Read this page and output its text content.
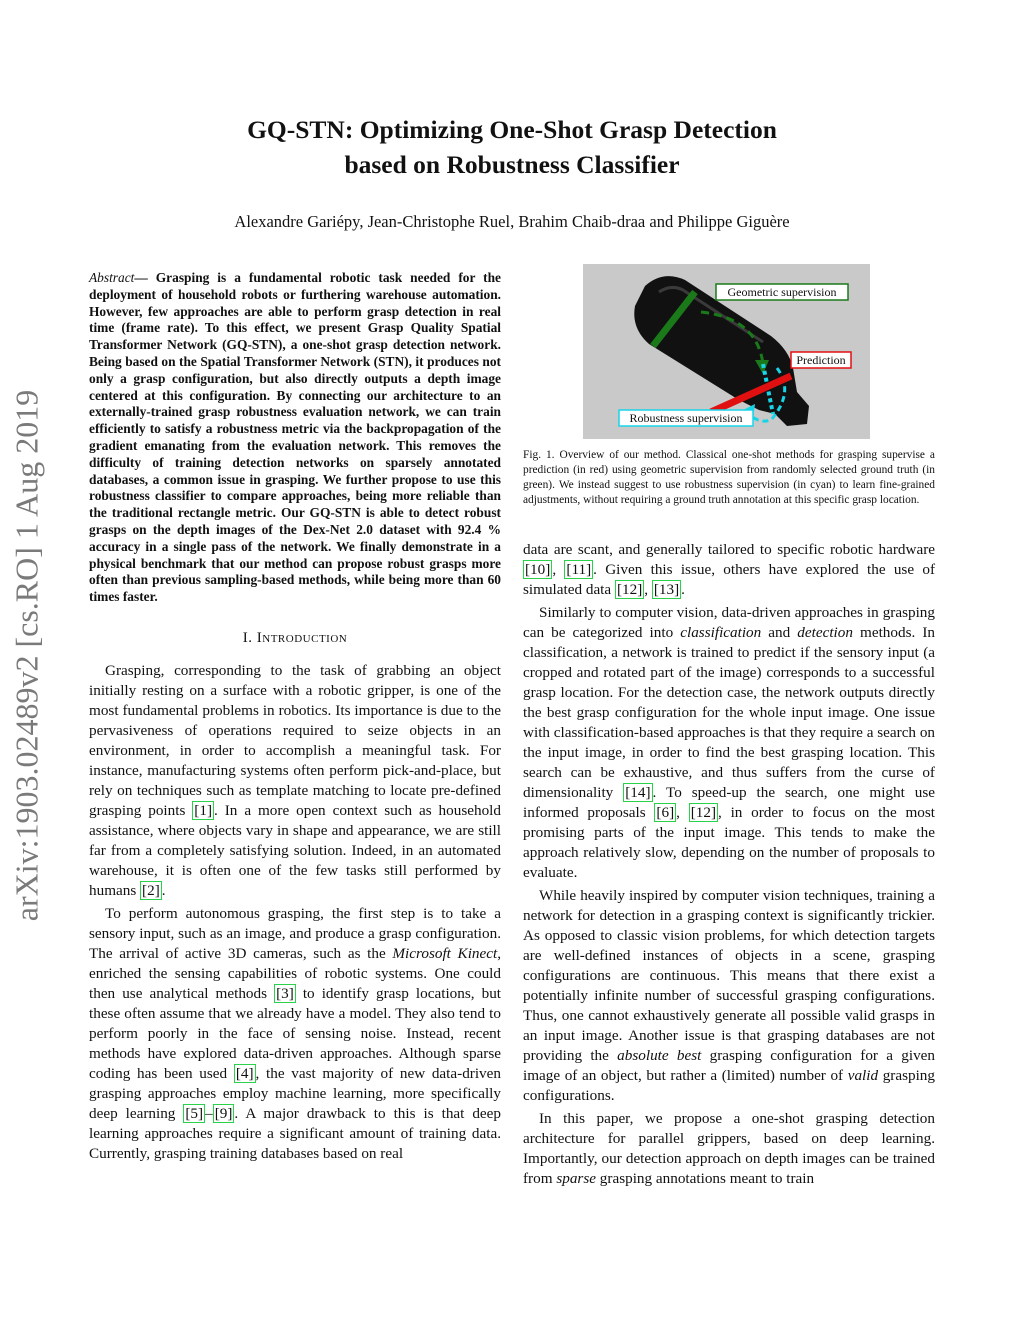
arXiv:1903.02489v2 [cs.RO] 1 Aug 2019
GQ-STN: Optimizing One-Shot Grasp Detection
based on Robustness Classifier
Alexandre Gariépy, Jean-Christophe Ruel, Brahim Chaib-draa and Philippe Giguère

Abstract— Grasping is a fundamental robotic task needed for the deployment of household robots or furthering warehouse automation. However, few approaches are able to perform grasp detection in real time (frame rate). To this effect, we present Grasp Quality Spatial Transformer Network (GQ-STN), a one-shot grasp detection network. Being based on the Spatial Transformer Network (STN), it produces not only a grasp configuration, but also directly outputs a depth image centered at this configuration. By connecting our architecture to an externally-trained grasp robustness evaluation network, we can train efficiently to satisfy a robustness metric via the backpropagation of the gradient emanating from the evaluation network. This removes the difficulty of training detection networks on sparsely annotated databases, a common issue in grasping. We further propose to use this robustness classifier to compare approaches, being more reliable than the traditional rectangle metric. Our GQ-STN is able to detect robust grasps on the depth images of the Dex-Net 2.0 dataset with 92.4 % accuracy in a single pass of the network. We finally demonstrate in a physical benchmark that our method can propose robust grasps more often than previous sampling-based methods, while being more than 60 times faster.

I. Introduction

Grasping, corresponding to the task of grabbing an object initially resting on a surface with a robotic gripper, is one of the most fundamental problems in robotics. Its importance is due to the pervasiveness of operations required to seize objects in an environment, in order to accomplish a meaningful task. For instance, manufacturing systems often perform pick-and-place, but rely on techniques such as template matching to locate pre-defined grasping points [1] . In a more open context such as household assistance, where objects vary in shape and appearance, we are still far from a completely satisfying solution. Indeed, in an automated warehouse, it is often one of the few tasks still performed by humans [2] .

To perform autonomous grasping, the first step is to take a sensory input, such as an image, and produce a grasp configuration. The arrival of active 3D cameras, such as the Microsoft Kinect, enriched the sensing capabilities of robotic systems. One could then use analytical methods [3] to identify grasp locations, but these often assume that we already have a model. They also tend to perform poorly in the face of sensing noise. Instead, recent methods have explored data-driven approaches. Although sparse coding has been used [4] , the vast majority of new data-driven grasping approaches employ machine learning, more specifically deep learning [5] – [9] . A major drawback to this is that deep learning approaches require a significant amount of training data. Currently, grasping training databases based on real

Geometric supervision
Prediction
Robustness supervision
Fig. 1. Overview of our method. Classical one-shot methods for grasping supervise a prediction (in red) using geometric supervision from randomly selected ground truth (in green). We instead suggest to use robustness supervision (in cyan) to learn fine-grained adjustments, without requiring a ground truth annotation at this specific grasp location.

data are scant, and generally tailored to specific robotic hardware [10] , [11] . Given this issue, others have explored the use of simulated data [12] , [13] .

Similarly to computer vision, data-driven approaches in grasping can be categorized into classification and detection methods. In classification, a network is trained to predict if the sensory input (a cropped and rotated part of the image) corresponds to a successful grasp location. For the detection case, the network outputs directly the best grasp configuration for the whole input image. One issue with classification-based approaches is that they require a search on the input image, in order to find the best grasping location. This search can be exhaustive, and thus suffers from the curse of dimensionality [14] . To speed-up the search, one might use informed proposals [6] , [12] , in order to focus on the most promising parts of the input image. This tends to make the approach relatively slow, depending on the number of proposals to evaluate.

While heavily inspired by computer vision techniques, training a network for detection in a grasping context is significantly trickier. As opposed to classic vision problems, for which detection targets are well-defined instances of objects in a scene, grasping configurations are continuous. This means that there exist a potentially infinite number of successful grasping configurations. Thus, one cannot exhaustively generate all possible valid grasps in an input image. Another issue is that grasping databases are not providing the absolute best grasping configuration for a given image of an object, but rather a (limited) number of valid grasping configurations.

In this paper, we propose a one-shot grasping detection architecture for parallel grippers, based on deep learning. Importantly, our detection approach on depth images can be trained from sparse grasping annotations meant to train
